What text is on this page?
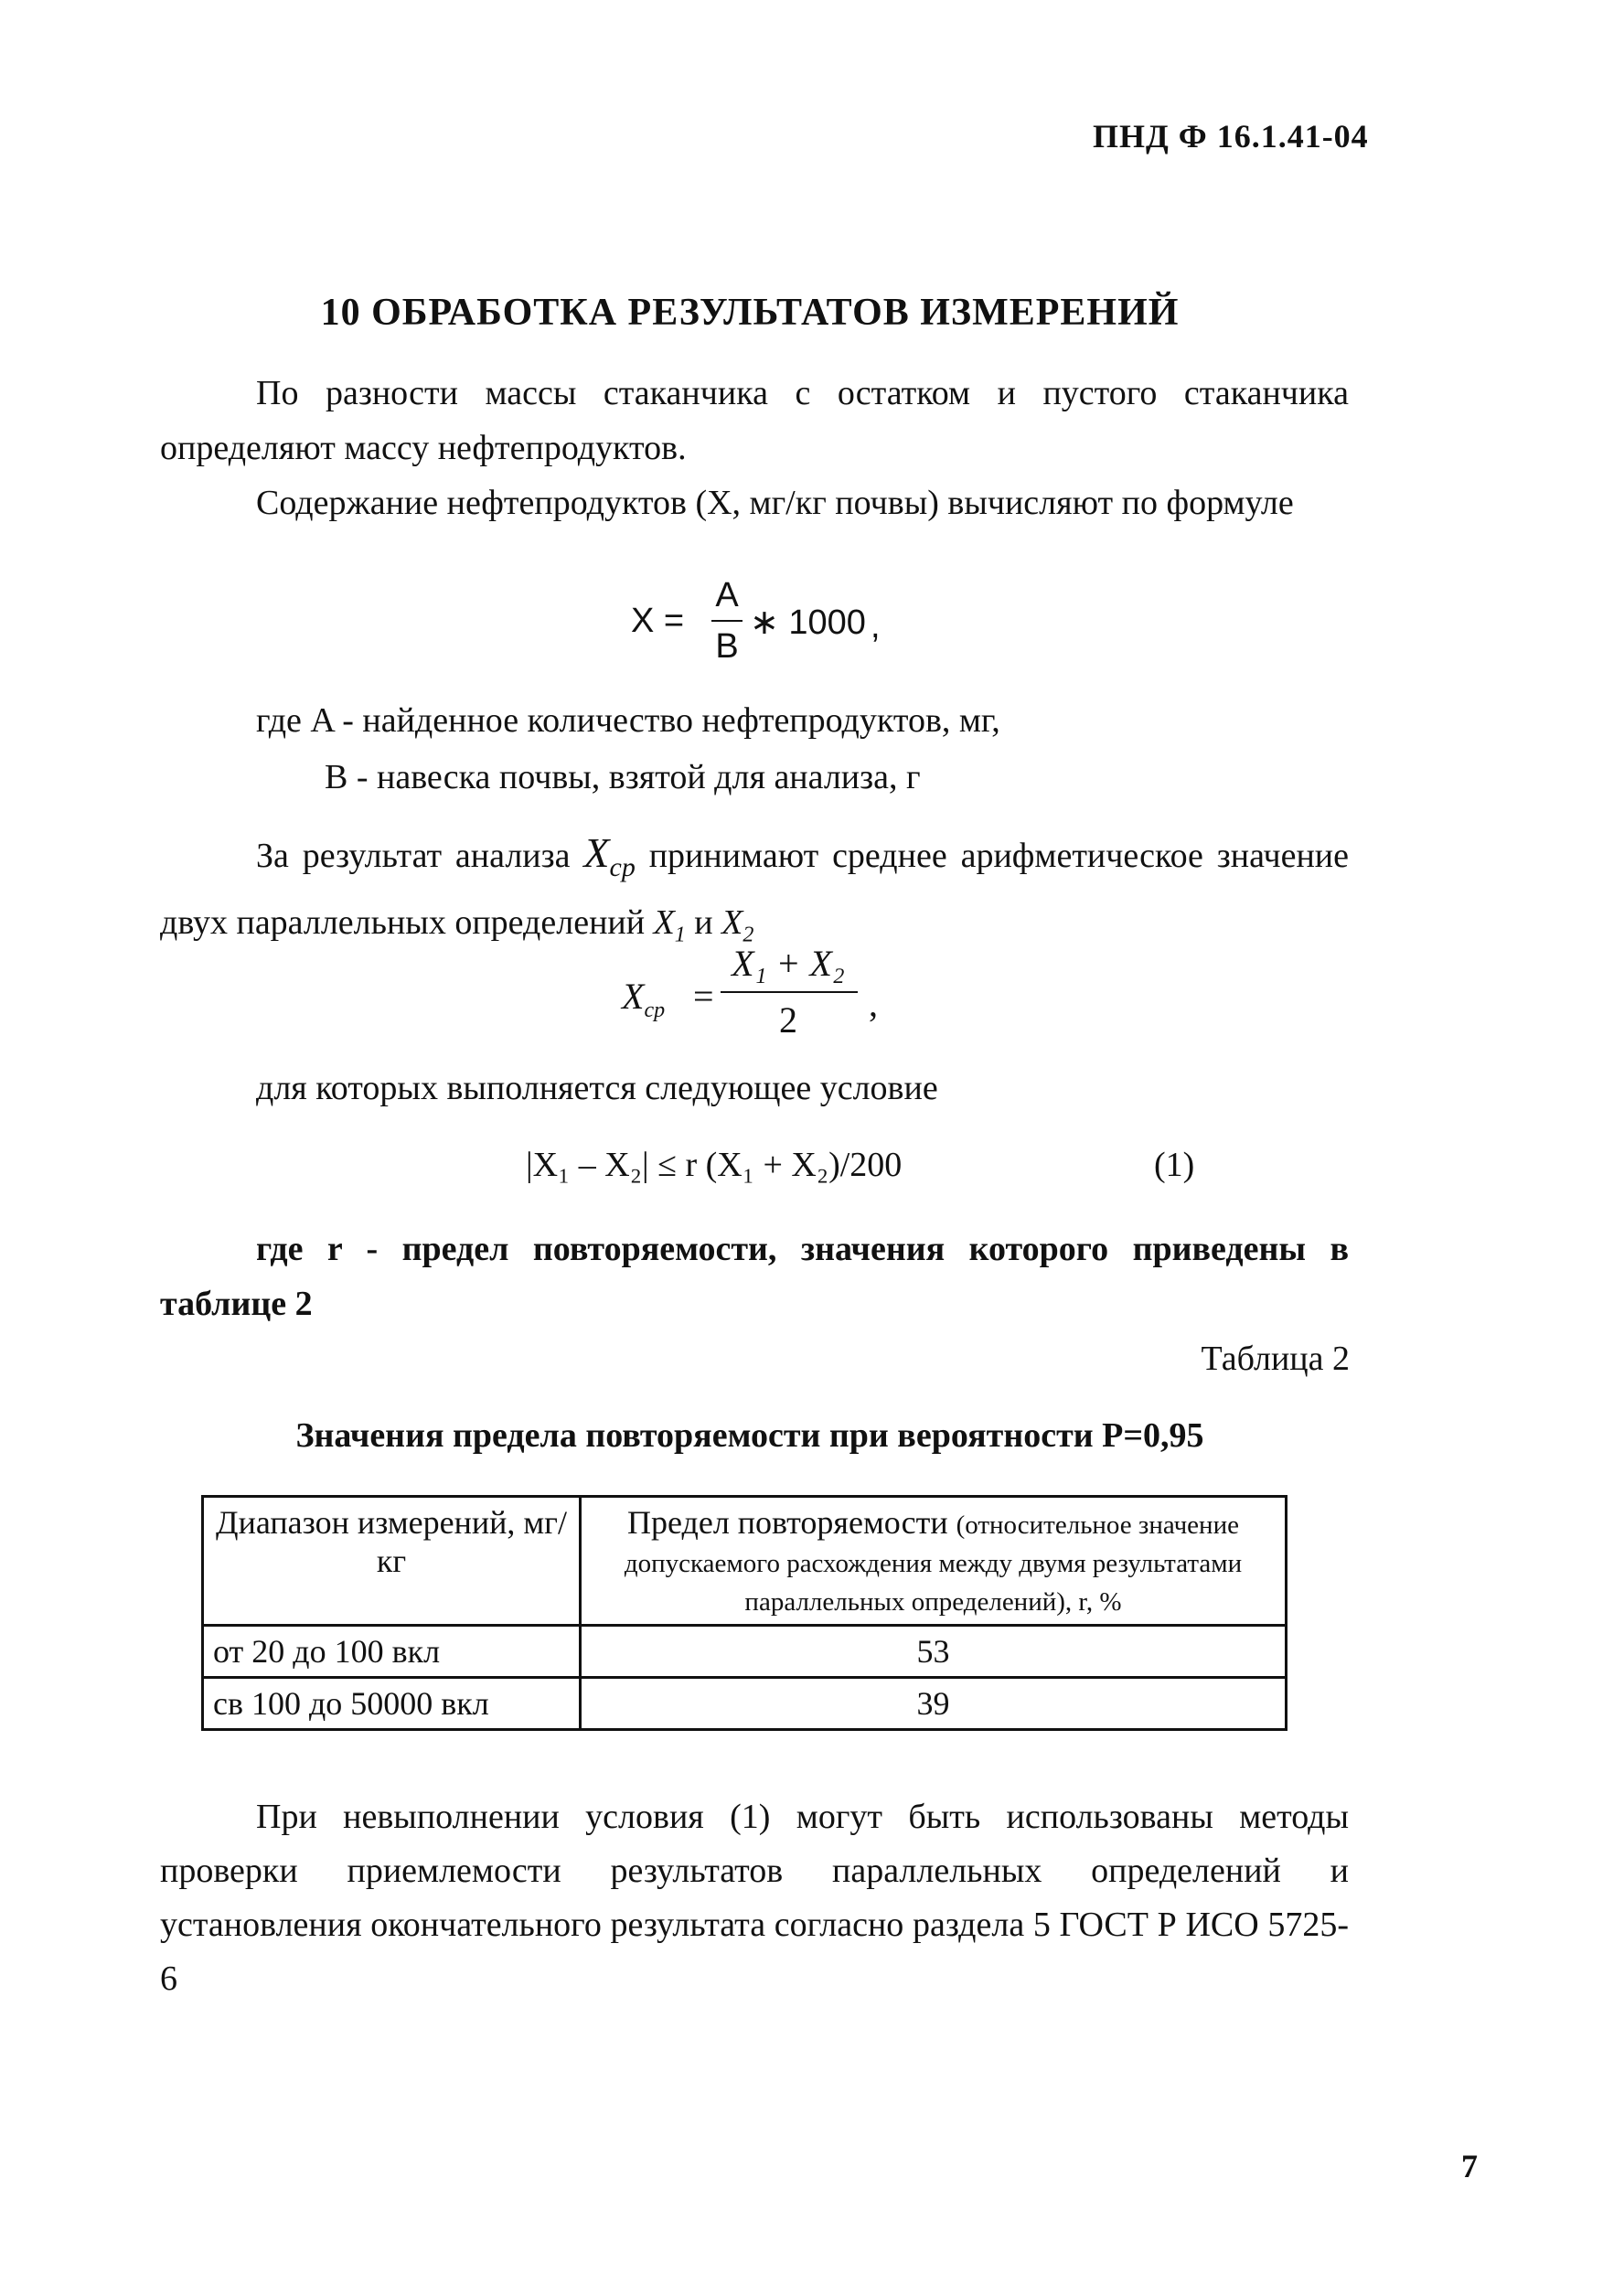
ПНД Ф 16.1.41-04
10 ОБРАБОТКА РЕЗУЛЬТАТОВ ИЗМЕРЕНИЙ
По разности массы стаканчика с остатком и пустого стаканчика определяют массу нефтепродуктов.
Содержание нефтепродуктов (X, мг/кг почвы) вычисляют по формуле
X =
A
B
∗ 1000 ,
где A - найденное количество нефтепродуктов, мг,
B - навеска почвы, взятой для анализа, г
За результат анализа $X_{cp}$ принимают среднее арифметическое значение двух параллельных определений $X_1$ и $X_2$
$X_{ср}$ =
X₁ + X₂
2	,
для которых выполняется следующее условие
|X₁ – X₂| ≤ r (X₁ + X₂)/200	(1)
где r - предел повторяемости, значения которого приведены в таблице 2
Таблица 2
Значения предела повторяемости при вероятности P=0,95
Диапазон измерений, мг/кг	Предел повторяемости (относительное значение допускаемого расхождения между двумя результатами параллельных определений), r, %
от 20 до 100 вкл	53
св 100 до 50000 вкл	39
При невыполнении условия (1) могут быть использованы методы проверки приемлемости результатов параллельных определений и установления окончательного результата согласно раздела 5 ГОСТ Р ИСО 5725-6
7
